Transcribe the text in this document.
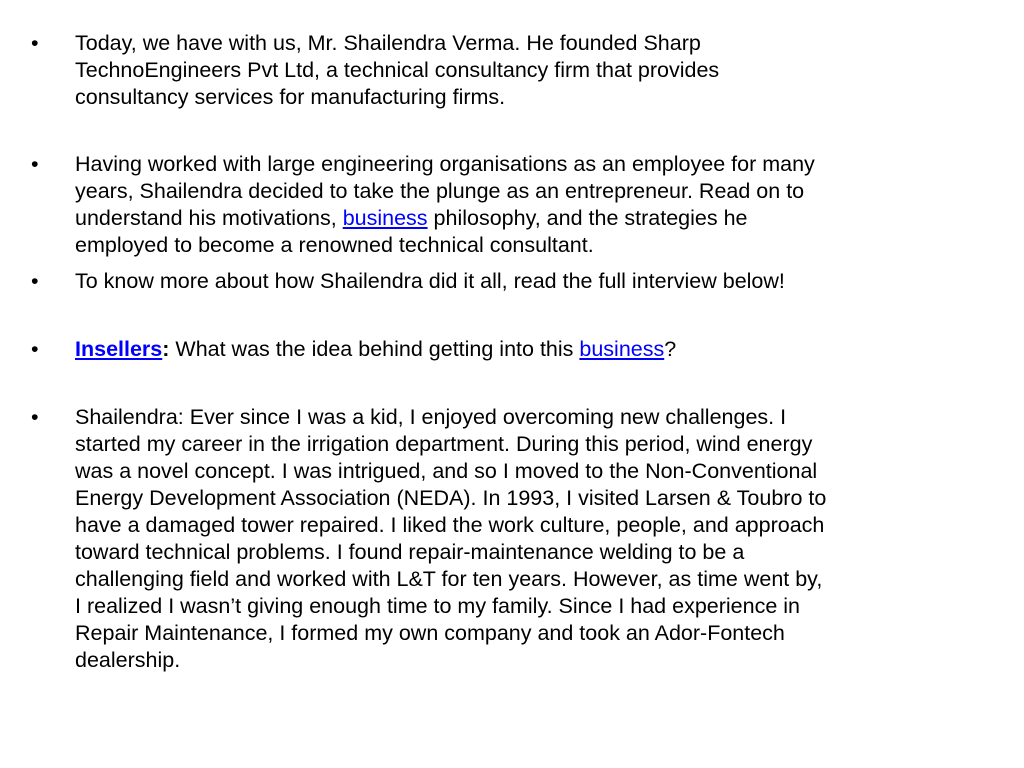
• Today, we have with us, Mr. Shailendra Verma. He founded Sharp
TechnoEngineers Pvt Ltd, a technical consultancy firm that provides
consultancy services for manufacturing firms.
• Having worked with large engineering organisations as an employee for many
years, Shailendra decided to take the plunge as an entrepreneur. Read on to
understand his motivations, business philosophy, and the strategies he
employed to become a renowned technical consultant.
• To know more about how Shailendra did it all, read the full interview below!
• Insellers: What was the idea behind getting into this business?
• Shailendra: Ever since I was a kid, I enjoyed overcoming new challenges. I
started my career in the irrigation department. During this period, wind energy
was a novel concept. I was intrigued, and so I moved to the Non-Conventional
Energy Development Association (NEDA). In 1993, I visited Larsen & Toubro to
have a damaged tower repaired. I liked the work culture, people, and approach
toward technical problems. I found repair-maintenance welding to be a
challenging field and worked with L&T for ten years. However, as time went by,
I realized I wasn’t giving enough time to my family. Since I had experience in
Repair Maintenance, I formed my own company and took an Ador-Fontech
dealership.
